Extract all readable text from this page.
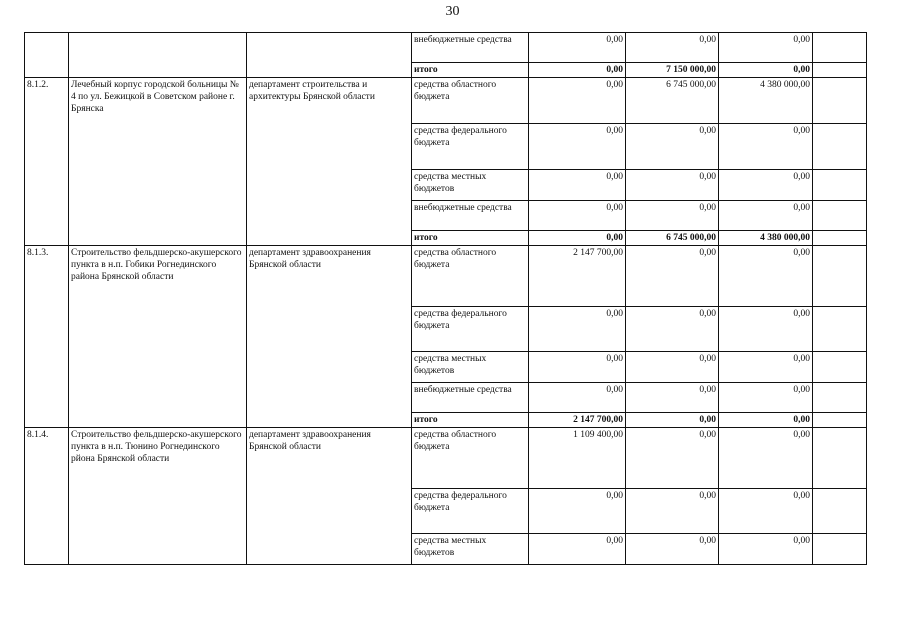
30
			внебюджетные средства	0,00	0,00	0,00	
			итого	0,00	7 150 000,00	0,00	
8.1.2.	Лечебный корпус городской больницы № 4 по ул. Бежицкой в Советском районе г. Брянска	департамент строительства и архитектуры Брянской области	средства областного бюджета	0,00	6 745 000,00	4 380 000,00	
			средства федерального бюджета	0,00	0,00	0,00	
			средства местных бюджетов	0,00	0,00	0,00	
			внебюджетные средства	0,00	0,00	0,00	
			итого	0,00	6 745 000,00	4 380 000,00	
8.1.3.	Строительство фельдшерско-акушерского пункта в н.п. Гобики Рогнединского района Брянской области	департамент здравоохранения Брянской области	средства областного бюджета	2 147 700,00	0,00	0,00	
			средства федерального бюджета	0,00	0,00	0,00	
			средства местных бюджетов	0,00	0,00	0,00	
			внебюджетные средства	0,00	0,00	0,00	
			итого	2 147 700,00	0,00	0,00	
8.1.4.	Строительство фельдшерско-акушерского пункта в н.п. Тюнино Рогнединского рйона Брянской области	департамент здравоохранения Брянской области	средства областного бюджета	1 109 400,00	0,00	0,00	
			средства федерального бюджета	0,00	0,00	0,00	
			средства местных бюджетов	0,00	0,00	0,00	
